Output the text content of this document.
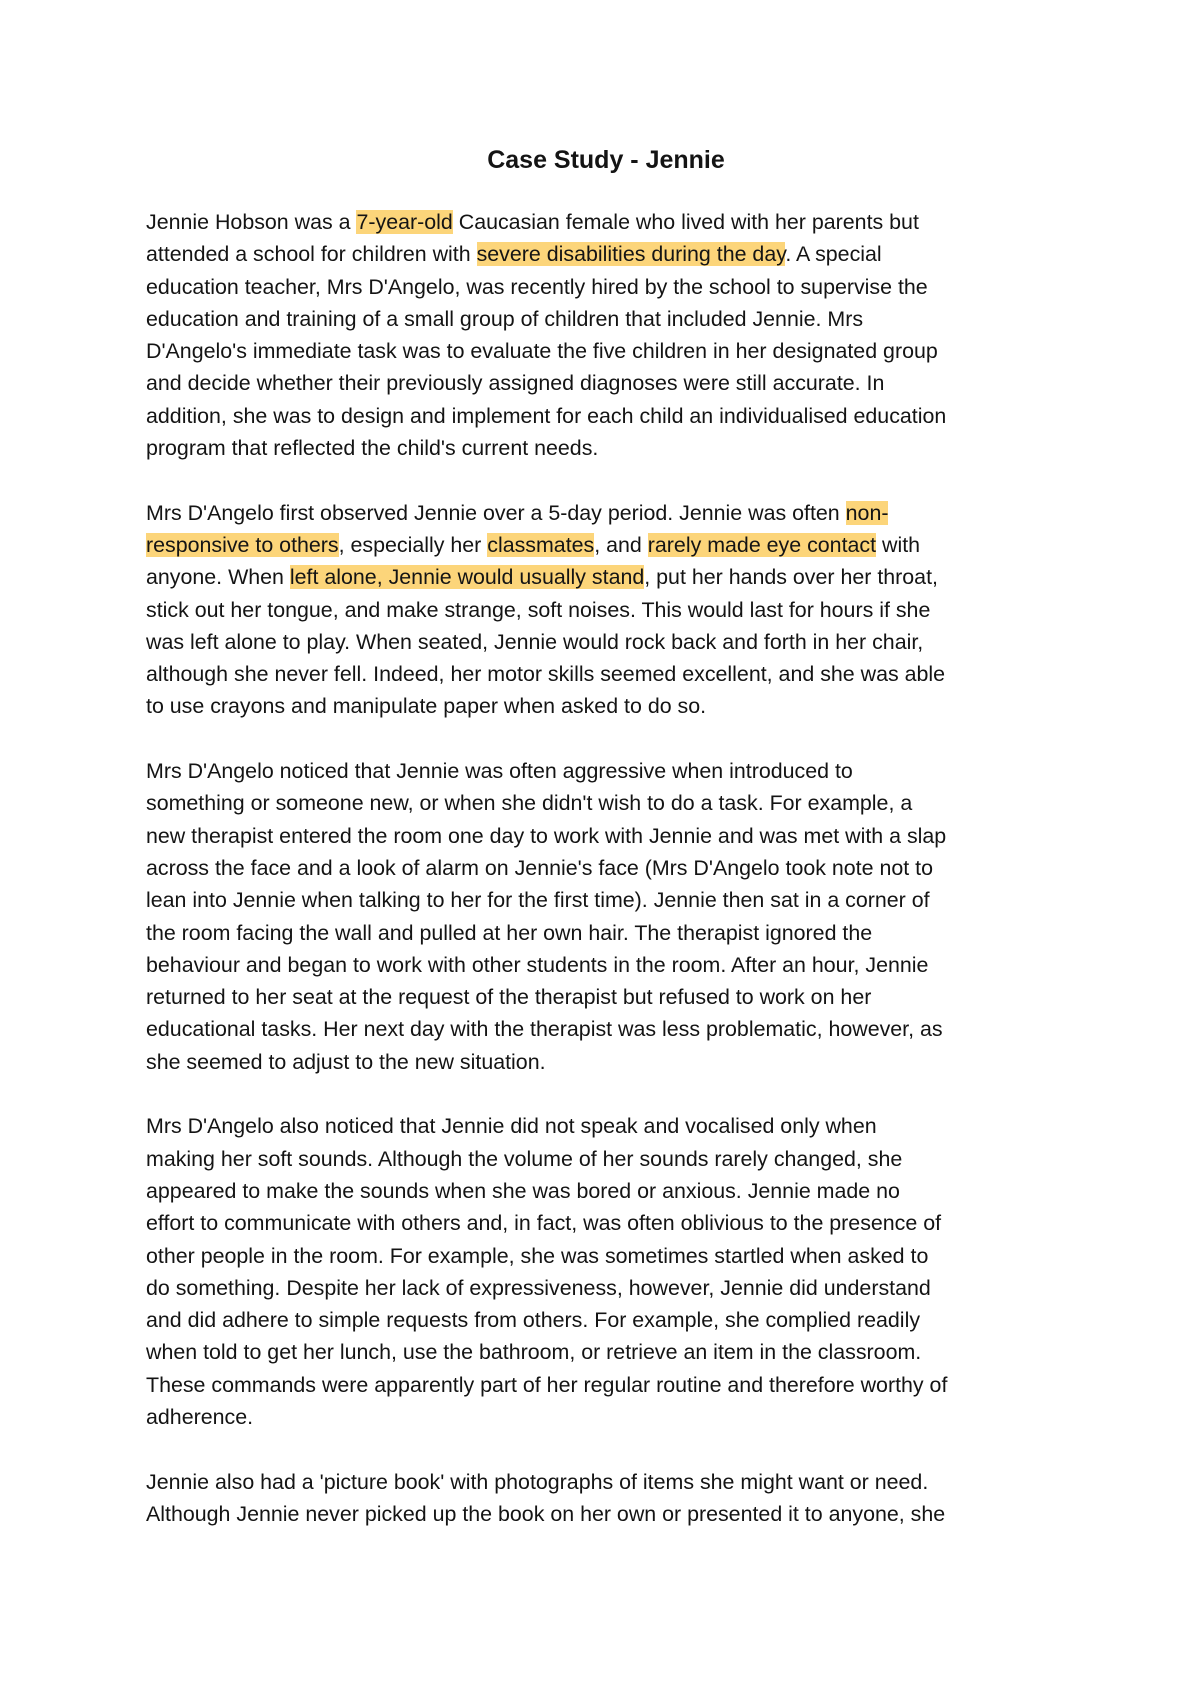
Case Study - Jennie
Jennie Hobson was a 7-year-old Caucasian female who lived with her parents but
attended a school for children with severe disabilities during the day. A special
education teacher, Mrs D'Angelo, was recently hired by the school to supervise the
education and training of a small group of children that included Jennie. Mrs
D'Angelo's immediate task was to evaluate the five children in her designated group
and decide whether their previously assigned diagnoses were still accurate. In
addition, she was to design and implement for each child an individualised education
program that reflected the child's current needs.
Mrs D'Angelo first observed Jennie over a 5-day period. Jennie was often non-
responsive to others, especially her classmates, and rarely made eye contact with
anyone. When left alone, Jennie would usually stand, put her hands over her throat,
stick out her tongue, and make strange, soft noises. This would last for hours if she
was left alone to play. When seated, Jennie would rock back and forth in her chair,
although she never fell. Indeed, her motor skills seemed excellent, and she was able
to use crayons and manipulate paper when asked to do so.
Mrs D'Angelo noticed that Jennie was often aggressive when introduced to
something or someone new, or when she didn't wish to do a task. For example, a
new therapist entered the room one day to work with Jennie and was met with a slap
across the face and a look of alarm on Jennie's face (Mrs D'Angelo took note not to
lean into Jennie when talking to her for the first time). Jennie then sat in a corner of
the room facing the wall and pulled at her own hair. The therapist ignored the
behaviour and began to work with other students in the room. After an hour, Jennie
returned to her seat at the request of the therapist but refused to work on her
educational tasks. Her next day with the therapist was less problematic, however, as
she seemed to adjust to the new situation.
Mrs D'Angelo also noticed that Jennie did not speak and vocalised only when
making her soft sounds. Although the volume of her sounds rarely changed, she
appeared to make the sounds when she was bored or anxious. Jennie made no
effort to communicate with others and, in fact, was often oblivious to the presence of
other people in the room. For example, she was sometimes startled when asked to
do something. Despite her lack of expressiveness, however, Jennie did understand
and did adhere to simple requests from others. For example, she complied readily
when told to get her lunch, use the bathroom, or retrieve an item in the classroom.
These commands were apparently part of her regular routine and therefore worthy of
adherence.
Jennie also had a 'picture book' with photographs of items she might want or need.
Although Jennie never picked up the book on her own or presented it to anyone, she
